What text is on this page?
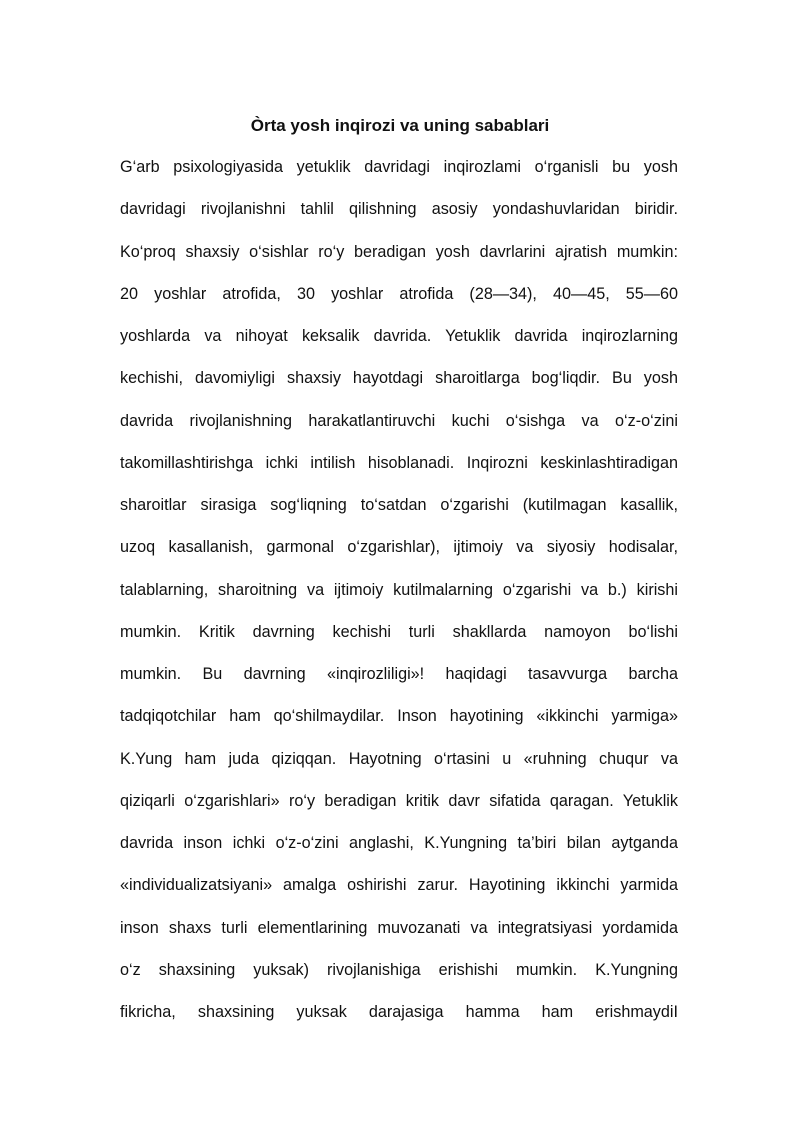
Òrta yosh inqirozi va uning sabablari
G‘arb psixologiyasida yetuklik davridagi inqirozlami o‘rganisli bu yosh
davridagi rivojlanishni tahlil qilishning asosiy yondashuvlaridan biridir.
Ko‘proq shaxsiy o‘sishlar ro‘y beradigan yosh davrlarini ajratish mumkin:
20 yoshlar atrofida, 30 yoshlar atrofida (28—34), 40—45, 55—60
yoshlarda va nihoyat keksalik davrida. Yetuklik davrida inqirozlarning
kechishi, davomiyligi shaxsiy hayotdagi sharoitlarga bog‘liqdir. Bu yosh
davrida rivojlanishning harakatlantiruvchi kuchi o‘sishga va o‘z-o‘zini
takomillashtirishga ichki intilish hisoblanadi. Inqirozni keskinlashtiradigan
sharoitlar sirasiga sog‘liqning to‘satdan o‘zgarishi (kutilmagan kasallik,
uzoq kasallanish, garmonal o‘zgarishlar), ijtimoiy va siyosiy hodisalar,
talablarning, sharoitning va ijtimoiy kutilmalarning o‘zgarishi va b.) kirishi
mumkin. Kritik davrning kechishi turli shakllarda namoyon bo‘lishi
mumkin. Bu davrning «inqirozliligi»! haqidagi tasavvurga barcha
tadqiqotchilar ham qo‘shilmaydilar. Inson hayotining «ikkinchi yarmiga»
K.Yung ham juda qiziqqan. Hayotning o‘rtasini u «ruhning chuqur va
qiziqarli o‘zgarishlari» ro‘y beradigan kritik davr sifatida qaragan. Yetuklik
davrida inson ichki o‘z-o‘zini anglashi, K.Yungning ta’biri bilan aytganda
«individualizatsiyani» amalga oshirishi zarur. Hayotining ikkinchi yarmida
inson shaxs turli elementlarining muvozanati va integratsiyasi yordamida
o‘z shaxsining yuksak) rivojlanishiga erishishi mumkin. K.Yungning
fikricha, shaxsining yuksak darajasiga hamma ham erishmaydiI
